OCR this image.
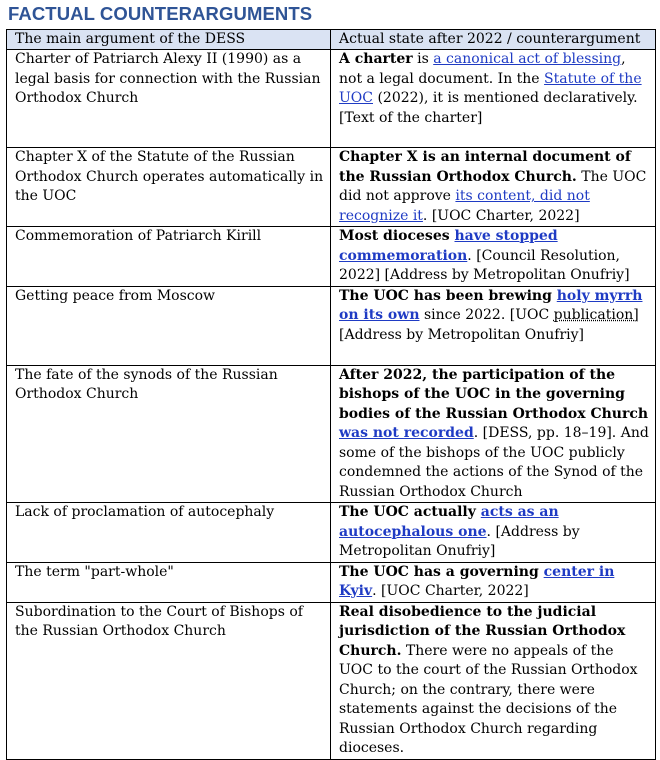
FACTUAL COUNTERARGUMENTS
The main argument of the DESS	Actual state after 2022 / counterargument
Charter of Patriarch Alexy II (1990) as a legal basis for connection with the Russian Orthodox Church	A charter is a canonical act of blessing, not a legal document. In the Statute of the UOC (2022), it is mentioned declaratively. [Text of the charter]
Chapter X of the Statute of the Russian Orthodox Church operates automatically in the UOC	Chapter X is an internal document of the Russian Orthodox Church. The UOC did not approve its content, did not recognize it. [UOC Charter, 2022]
Commemoration of Patriarch Kirill	Most dioceses have stopped commemoration. [Council Resolution, 2022] [Address by Metropolitan Onufriy]
Getting peace from Moscow	The UOC has been brewing holy myrrh on its own since 2022. [UOC publication][Address by Metropolitan Onufriy]
The fate of the synods of the Russian Orthodox Church	After 2022, the participation of the bishops of the UOC in the governing bodies of the Russian Orthodox Church was not recorded. [DESS, pp. 18–19]. And some of the bishops of the UOC publicly condemned the actions of the Synod of the Russian Orthodox Church
Lack of proclamation of autocephaly	The UOC actually acts as an autocephalous one. [Address by Metropolitan Onufriy]
The term "part-whole"	The UOC has a governing center in Kyiv. [UOC Charter, 2022]
Subordination to the Court of Bishops of the Russian Orthodox Church	Real disobedience to the judicial jurisdiction of the Russian Orthodox Church. There were no appeals of the UOC to the court of the Russian Orthodox Church; on the contrary, there were statements against the decisions of the Russian Orthodox Church regarding dioceses.
